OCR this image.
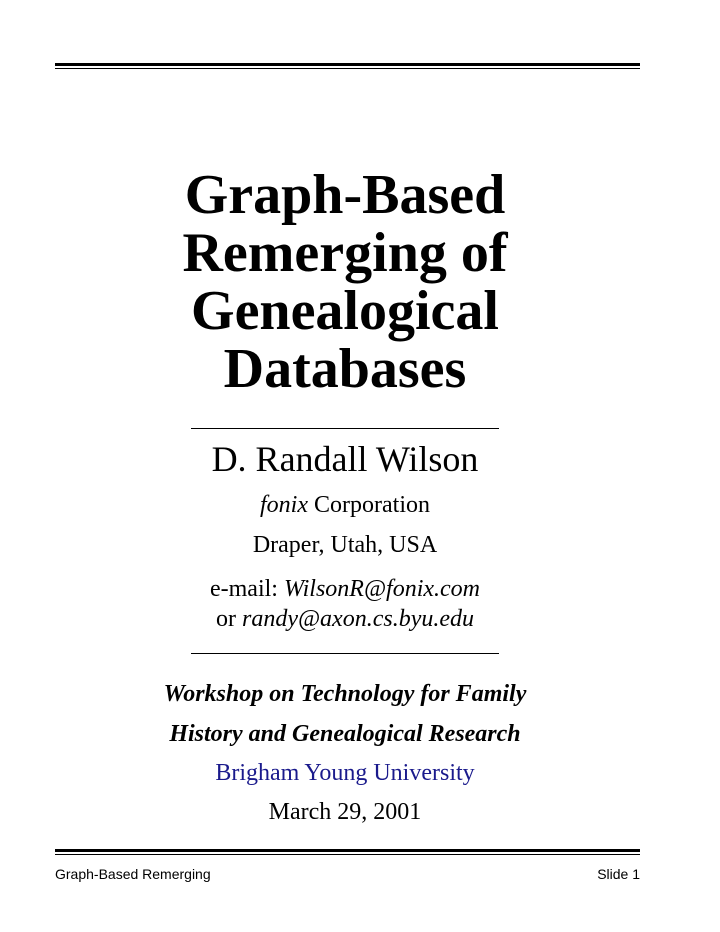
Graph-Based
Remerging of
Genealogical
Databases
D. Randall Wilson
fonix Corporation
Draper, Utah, USA
e-mail: WilsonR@fonix.com
or randy@axon.cs.byu.edu
Workshop on Technology for Family
History and Genealogical Research
Brigham Young University
March 29, 2001
Graph-Based Remerging	Slide 1
